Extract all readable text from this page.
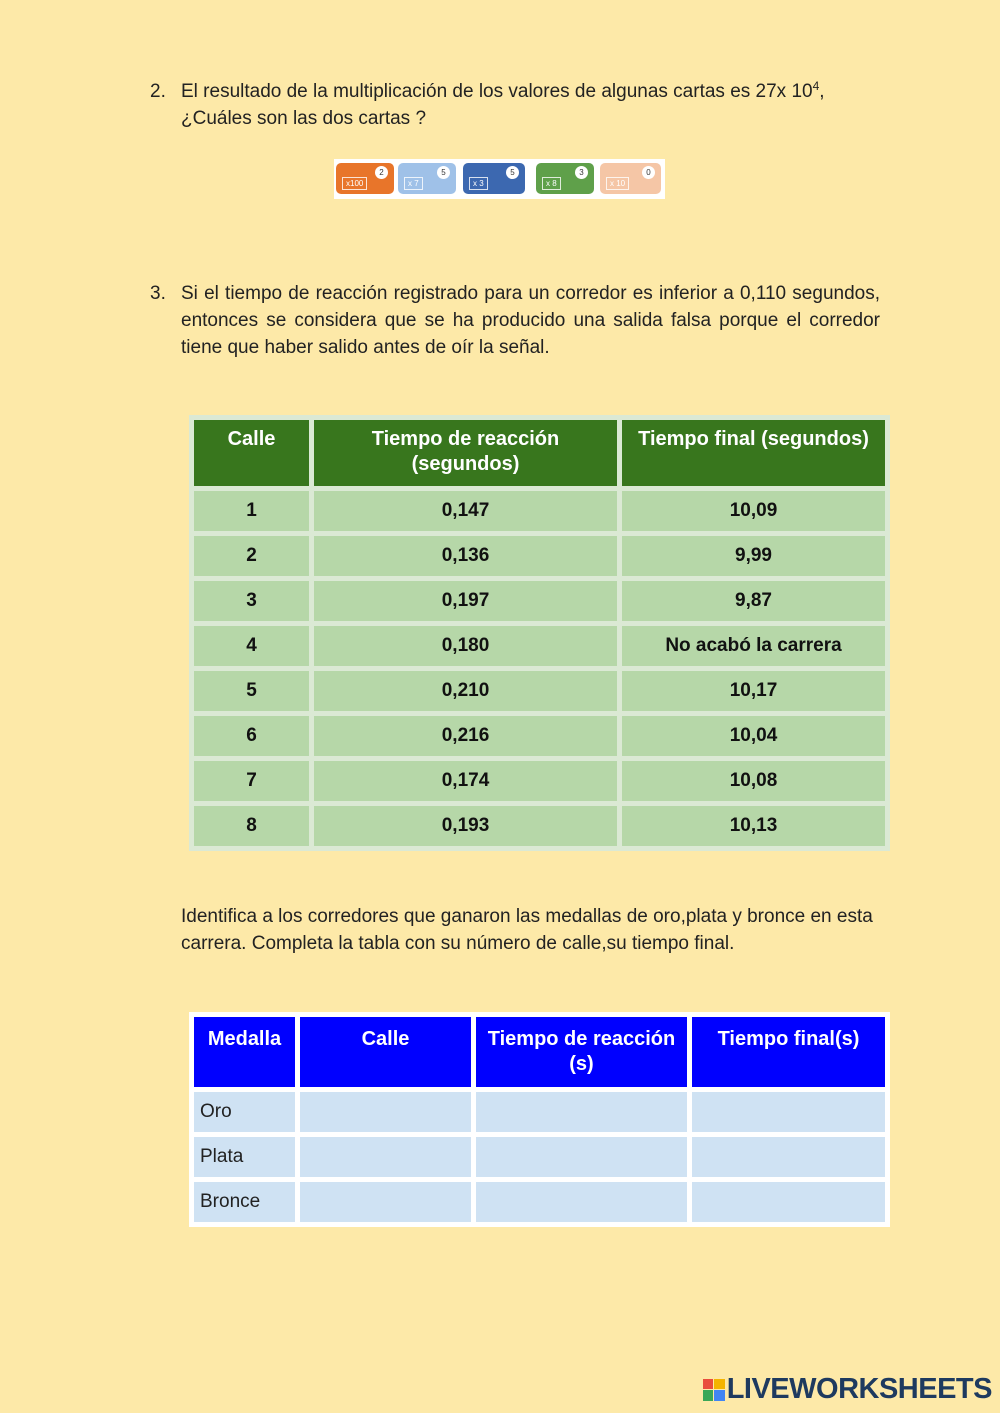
2. El resultado de la multiplicación de los valores de algunas cartas es 27x $10^4$,
¿Cuáles son las dos cartas ?
x100
2
x 7
5
x 3
5
x 8
3
x 10
0
3. Si el tiempo de reacción registrado para un corredor es inferior a 0,110 segundos, entonces se considera que se ha producido una salida falsa porque el corredor tiene que haber salido antes de oír la señal.
Calle	Tiempo de reacción (segundos)	Tiempo final (segundos)
1	0,147	10,09
2	0,136	9,99
3	0,197	9,87
4	0,180	No acabó la carrera
5	0,210	10,17
6	0,216	10,04
7	0,174	10,08
8	0,193	10,13
Identifica a los corredores que ganaron las medallas de oro,plata y bronce en esta carrera. Completa la tabla con su número de calle,su tiempo final.
Medalla	Calle	Tiempo de reacción (s)	Tiempo final(s)
Oro			
Plata			
Bronce			
LIVEWORKSHEETS
